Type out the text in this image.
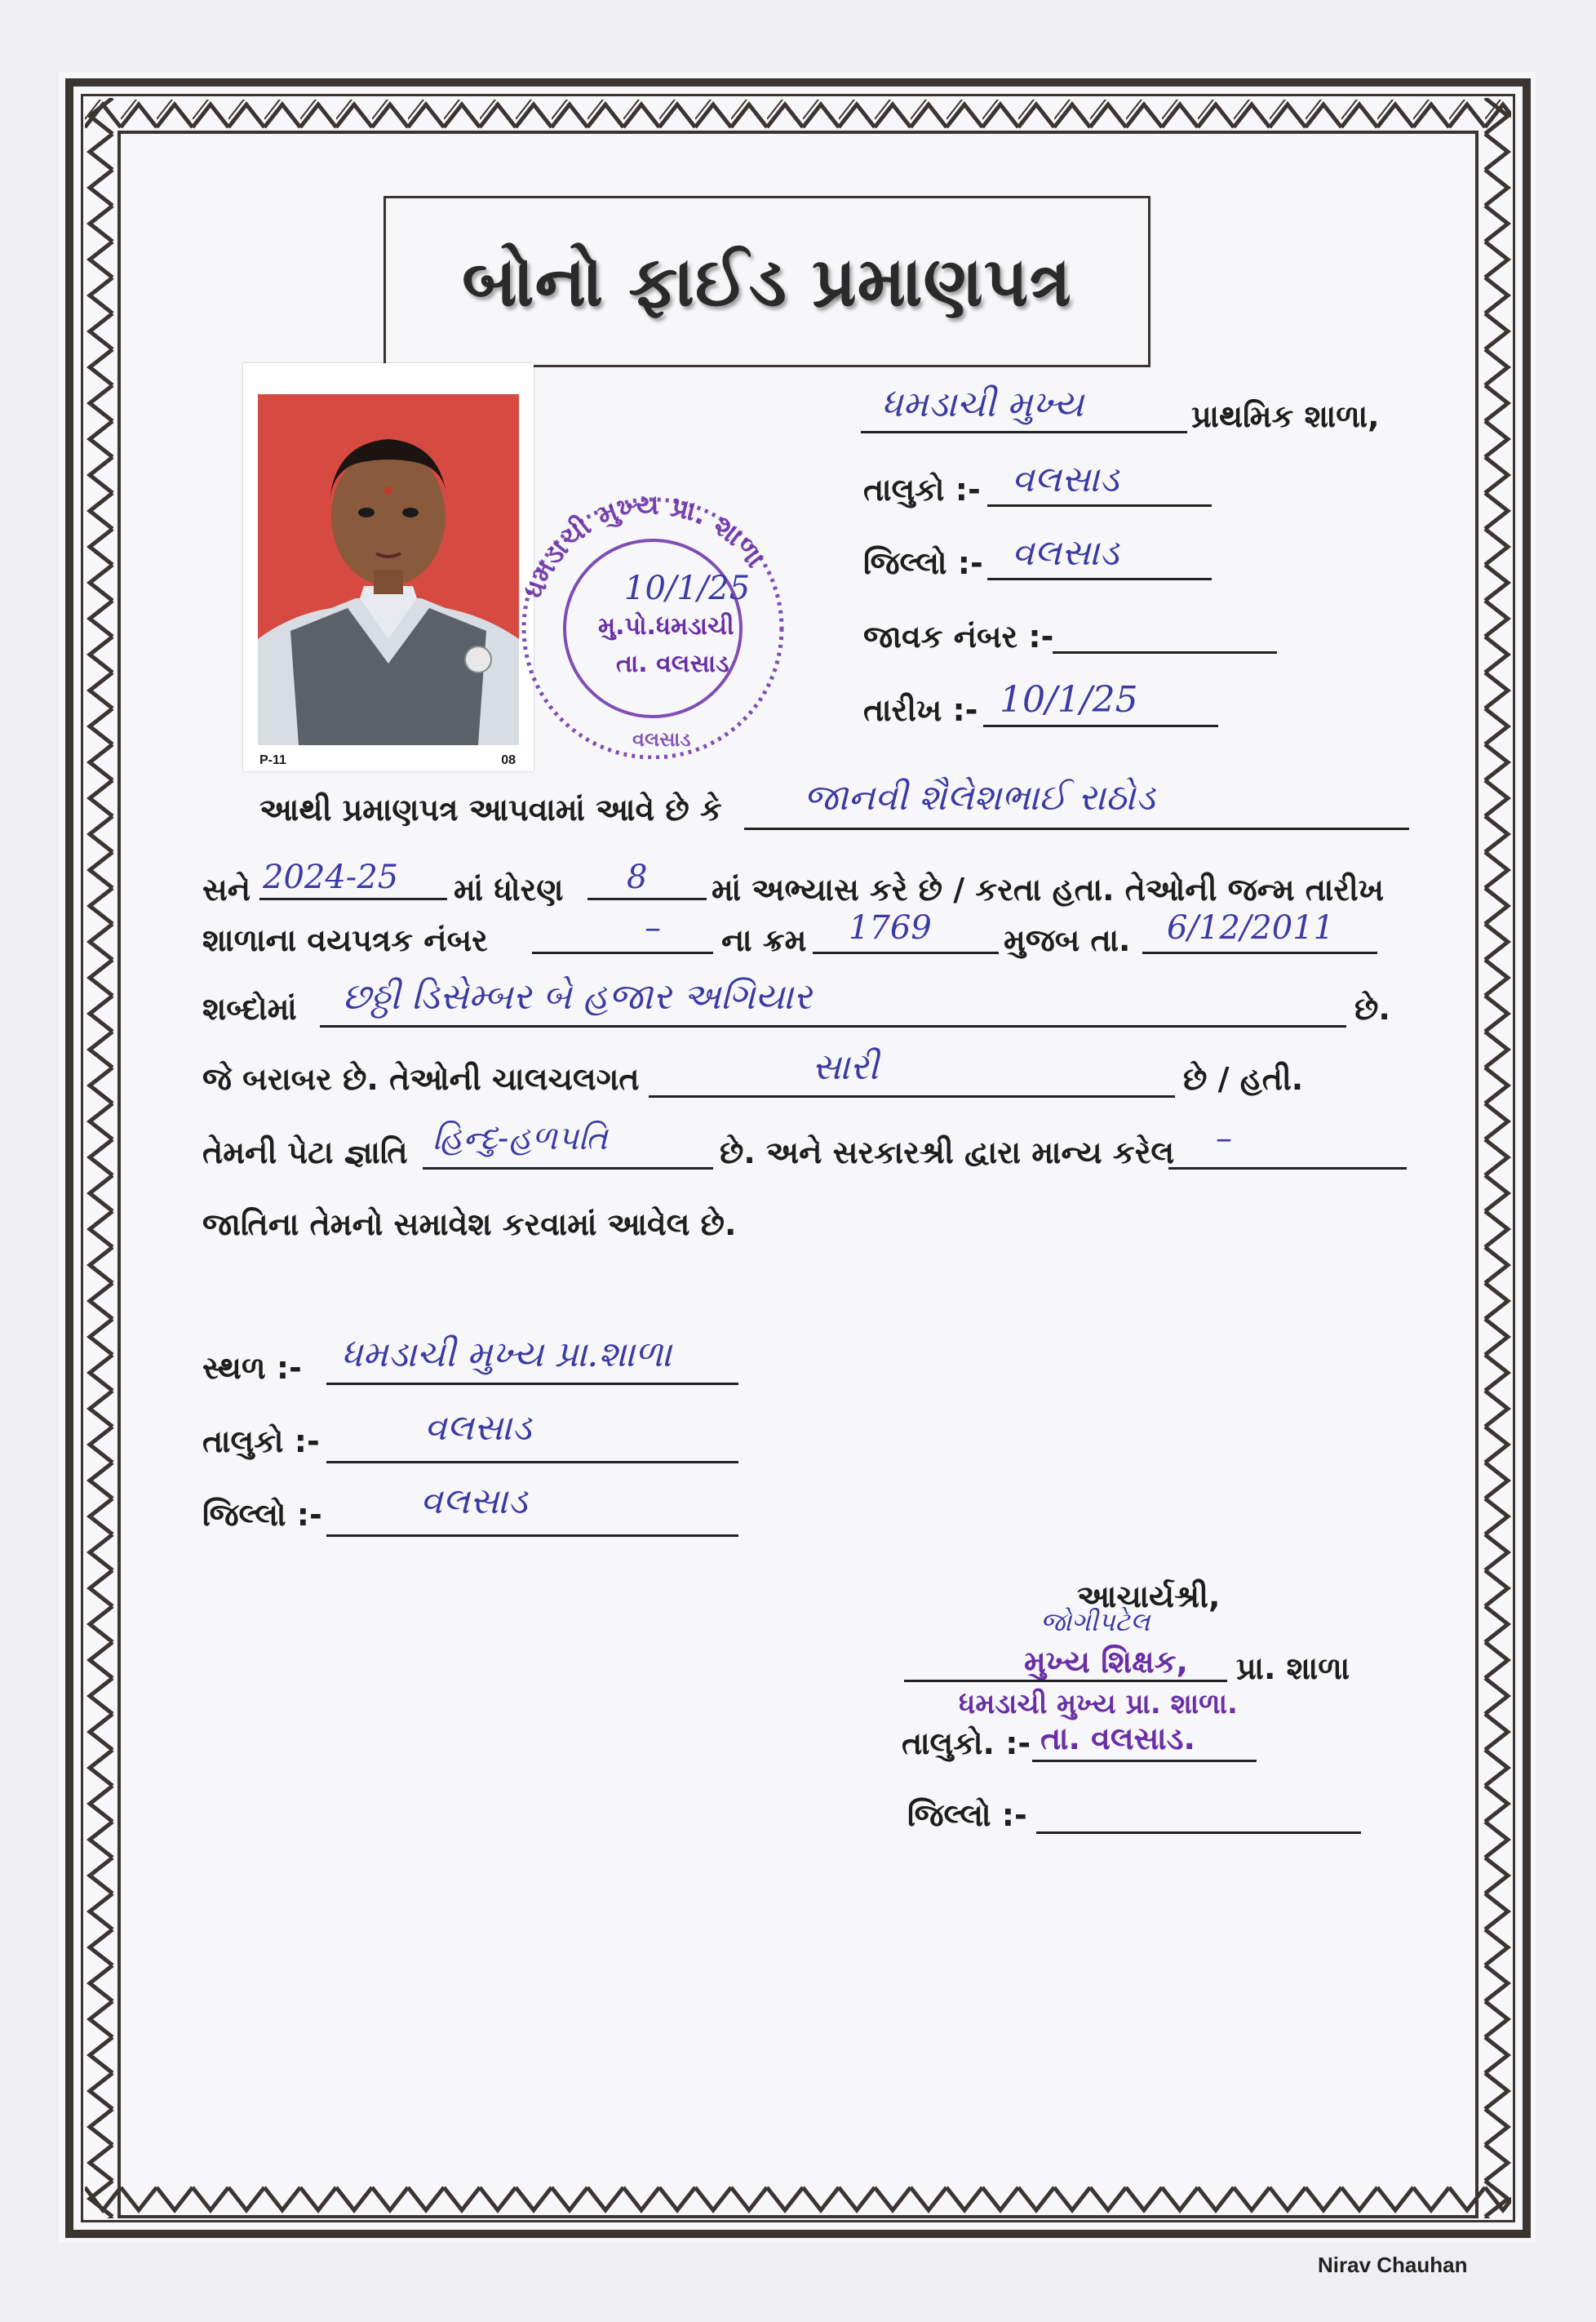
બોનો ફાઈડ પ્રમાણપત્ર
P-11	08
ધમડાચી મુખ્ય પ્રા. શાળા
10/1/25
મુ.પો.ધમડાચી
તા. વલસાડ
વલસાડ
ધમડાચી મુખ્ય	પ્રાથમિક શાળા,
તાલુકો :- વલસાડ
જિલ્લો :- વલસાડ
જાવક નંબર :-
તારીખ :- 10/1/25
આથી પ્રમાણપત્ર આપવામાં આવે છે કે જાનવી શૈલેશભાઈ રાઠોડ
સને 2024-25 માં ધોરણ 8 માં અભ્યાસ કરે છે / કરતા હતા. તેઓની જન્મ તારીખ
શાળાના વયપત્રક નંબર	– ના ક્રમ 1769 મુજબ તા. 6/12/2011
શબ્દોમાં છઠ્ઠી ડિસેમ્બર બે હજાર અગિયાર	છે.
જે બરાબર છે. તેઓની ચાલચલગત	સારી	છે / હતી.
તેમની પેટા જ્ઞાતિ હિન્દુ-હળપતિ	છે. અને સરકારશ્રી દ્વારા માન્ય કરેલ –
જાતિના તેમનો સમાવેશ કરવામાં આવેલ છે.
સ્થળ :- ધમડાચી મુખ્ય પ્રા.શાળા
તાલુકો :-	વલસાડ
જિલ્લો :-	વલસાડ
આચાર્યશ્રી,
જોગીપટેલ
મુખ્ય શિક્ષક, પ્રા. શાળા
ધમડાચી મુખ્ય પ્રા. શાળા.
તાલુકો. :- તા. વલસાડ.
જિલ્લો :-
Nirav Chauhan
